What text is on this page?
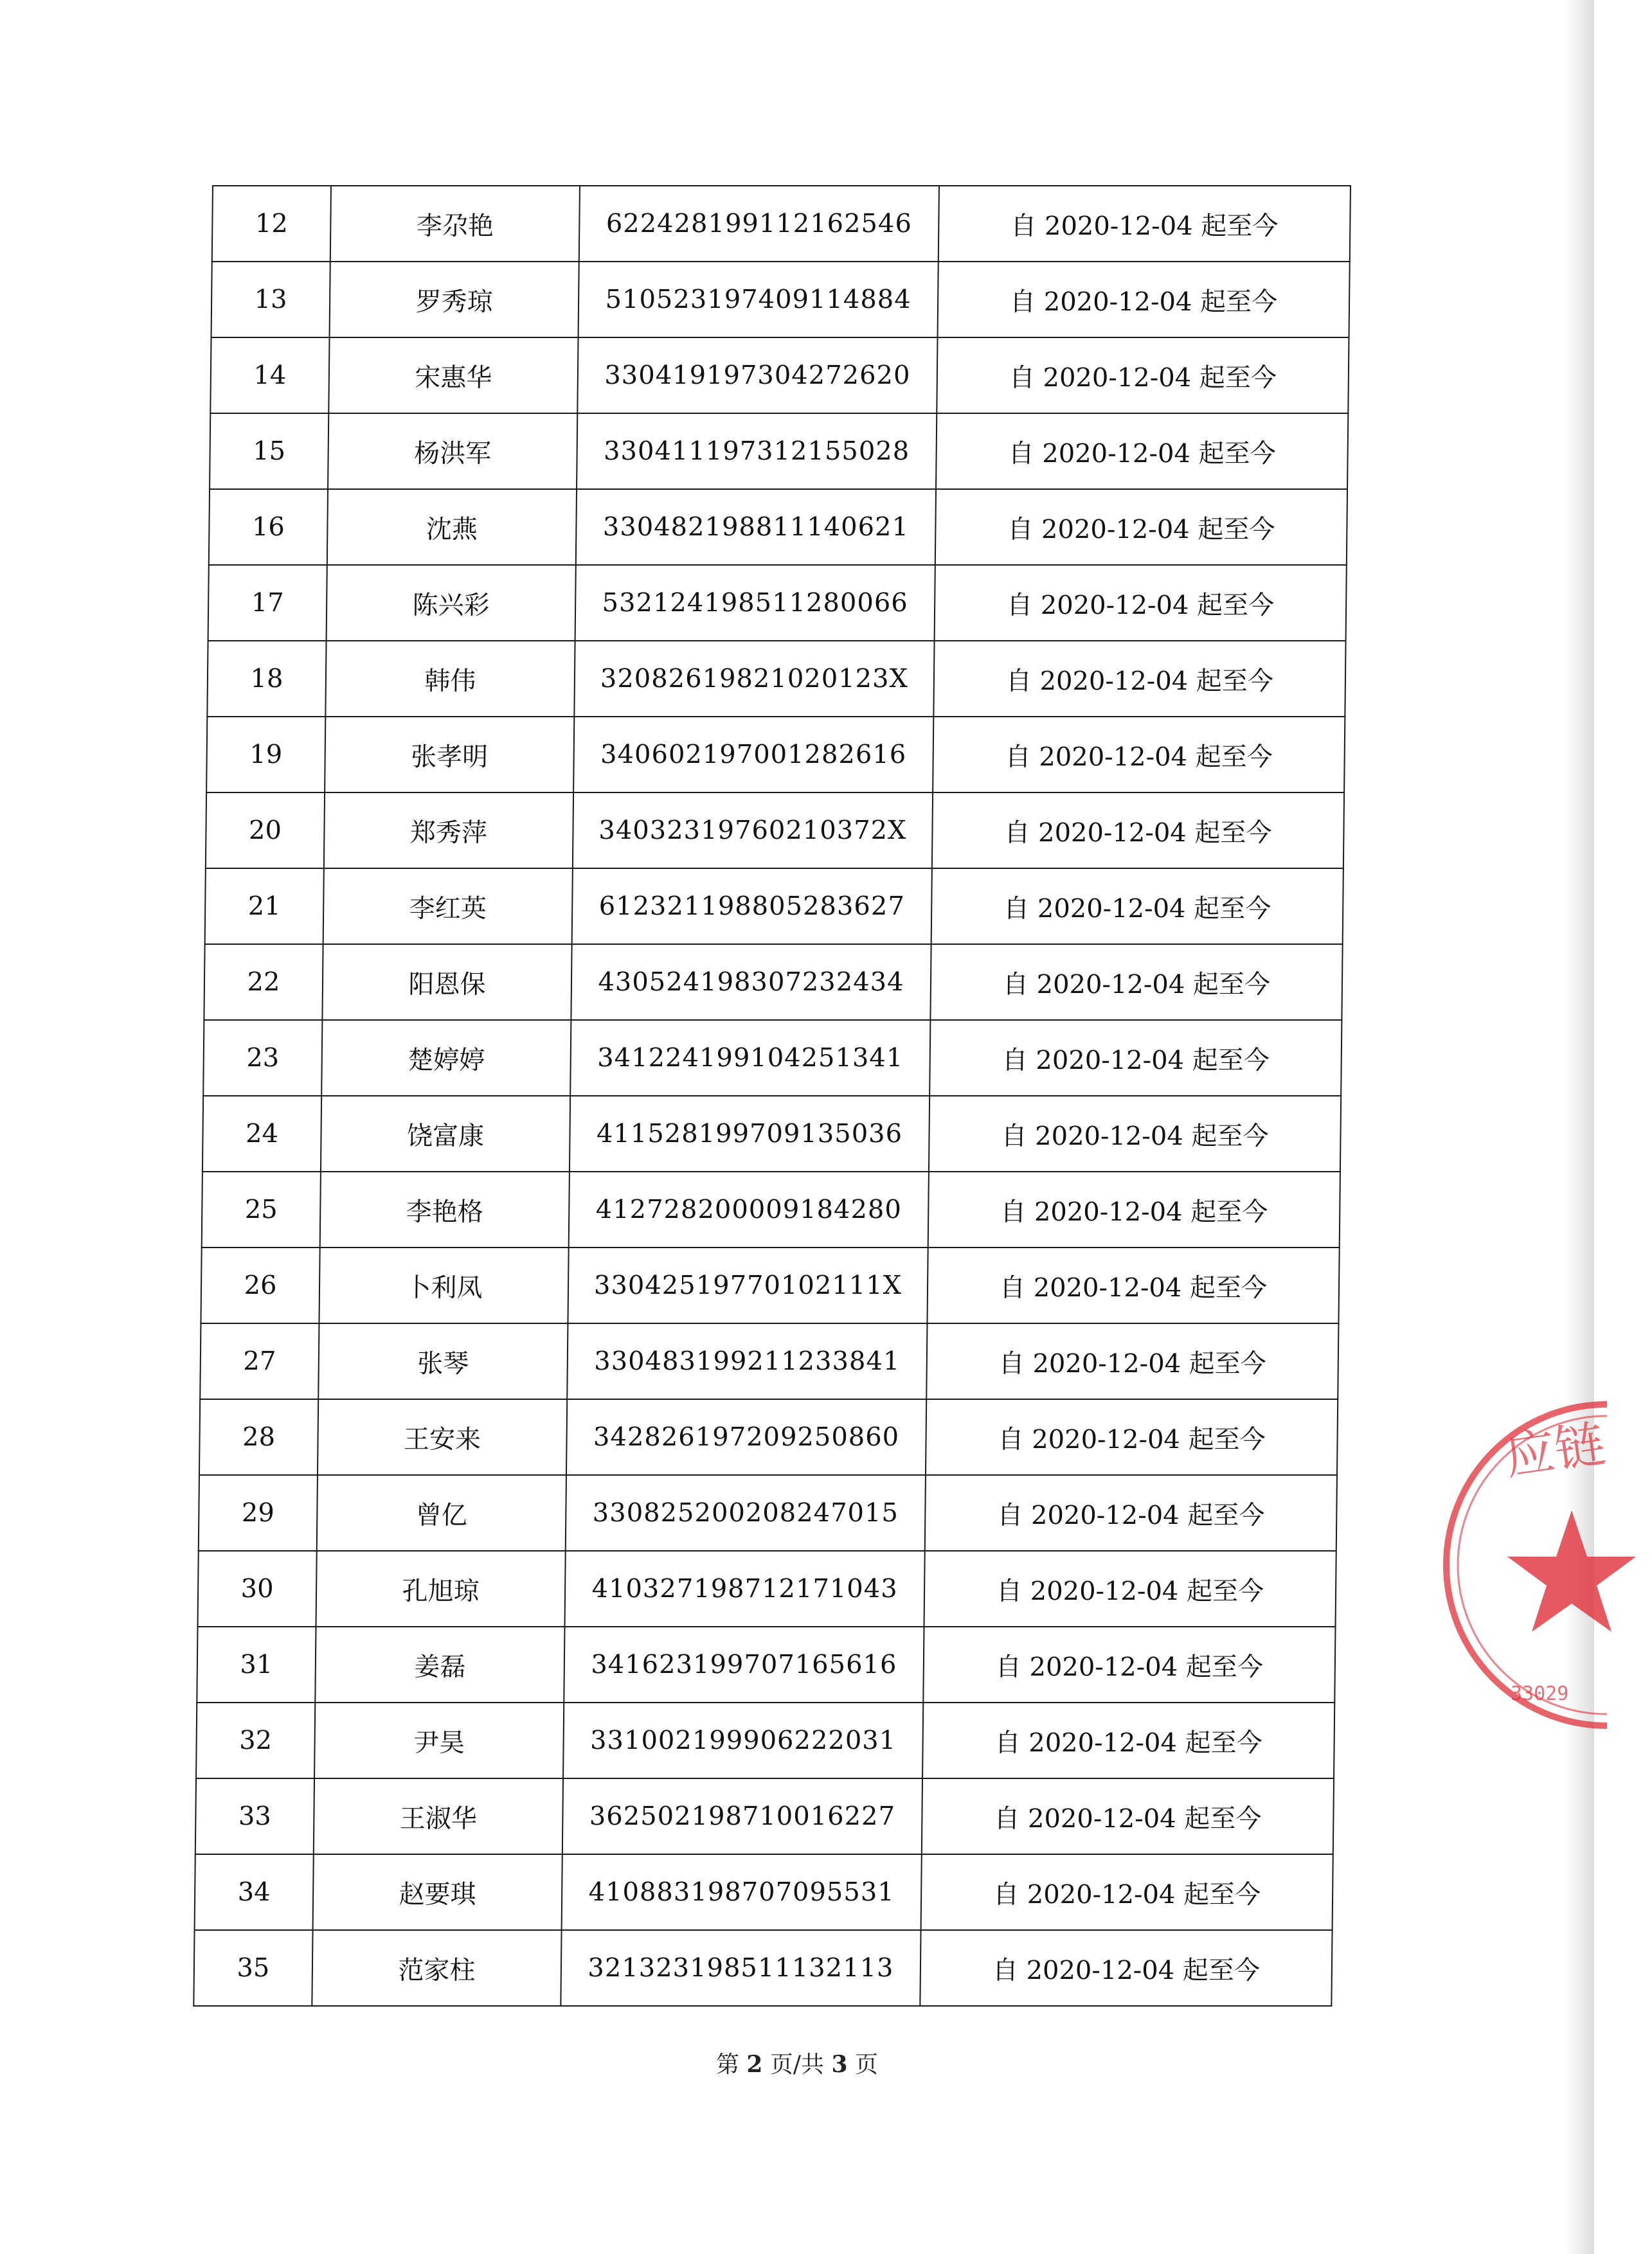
12	李尕艳	622428199112162546	自 2020-12-04 起至今
13	罗秀琼	510523197409114884	自 2020-12-04 起至今
14	宋惠华	330419197304272620	自 2020-12-04 起至今
15	杨洪军	330411197312155028	自 2020-12-04 起至今
16	沈燕	330482198811140621	自 2020-12-04 起至今
17	陈兴彩	532124198511280066	自 2020-12-04 起至今
18	韩伟	32082619821020123X	自 2020-12-04 起至今
19	张孝明	340602197001282616	自 2020-12-04 起至今
20	郑秀萍	34032319760210372X	自 2020-12-04 起至今
21	李红英	612321198805283627	自 2020-12-04 起至今
22	阳恩保	430524198307232434	自 2020-12-04 起至今
23	楚婷婷	341224199104251341	自 2020-12-04 起至今
24	饶富康	411528199709135036	自 2020-12-04 起至今
25	李艳格	412728200009184280	自 2020-12-04 起至今
26	卜利凤	33042519770102111X	自 2020-12-04 起至今
27	张琴	330483199211233841	自 2020-12-04 起至今
28	王安来	342826197209250860	自 2020-12-04 起至今
29	曾亿	330825200208247015	自 2020-12-04 起至今
30	孔旭琼	410327198712171043	自 2020-12-04 起至今
31	姜磊	341623199707165616	自 2020-12-04 起至今
32	尹昊	331002199906222031	自 2020-12-04 起至今
33	王淑华	362502198710016227	自 2020-12-04 起至今
34	赵要琪	410883198707095531	自 2020-12-04 起至今
35	范家柱	321323198511132113	自 2020-12-04 起至今
第 2 页/共 3 页
应链
33029
